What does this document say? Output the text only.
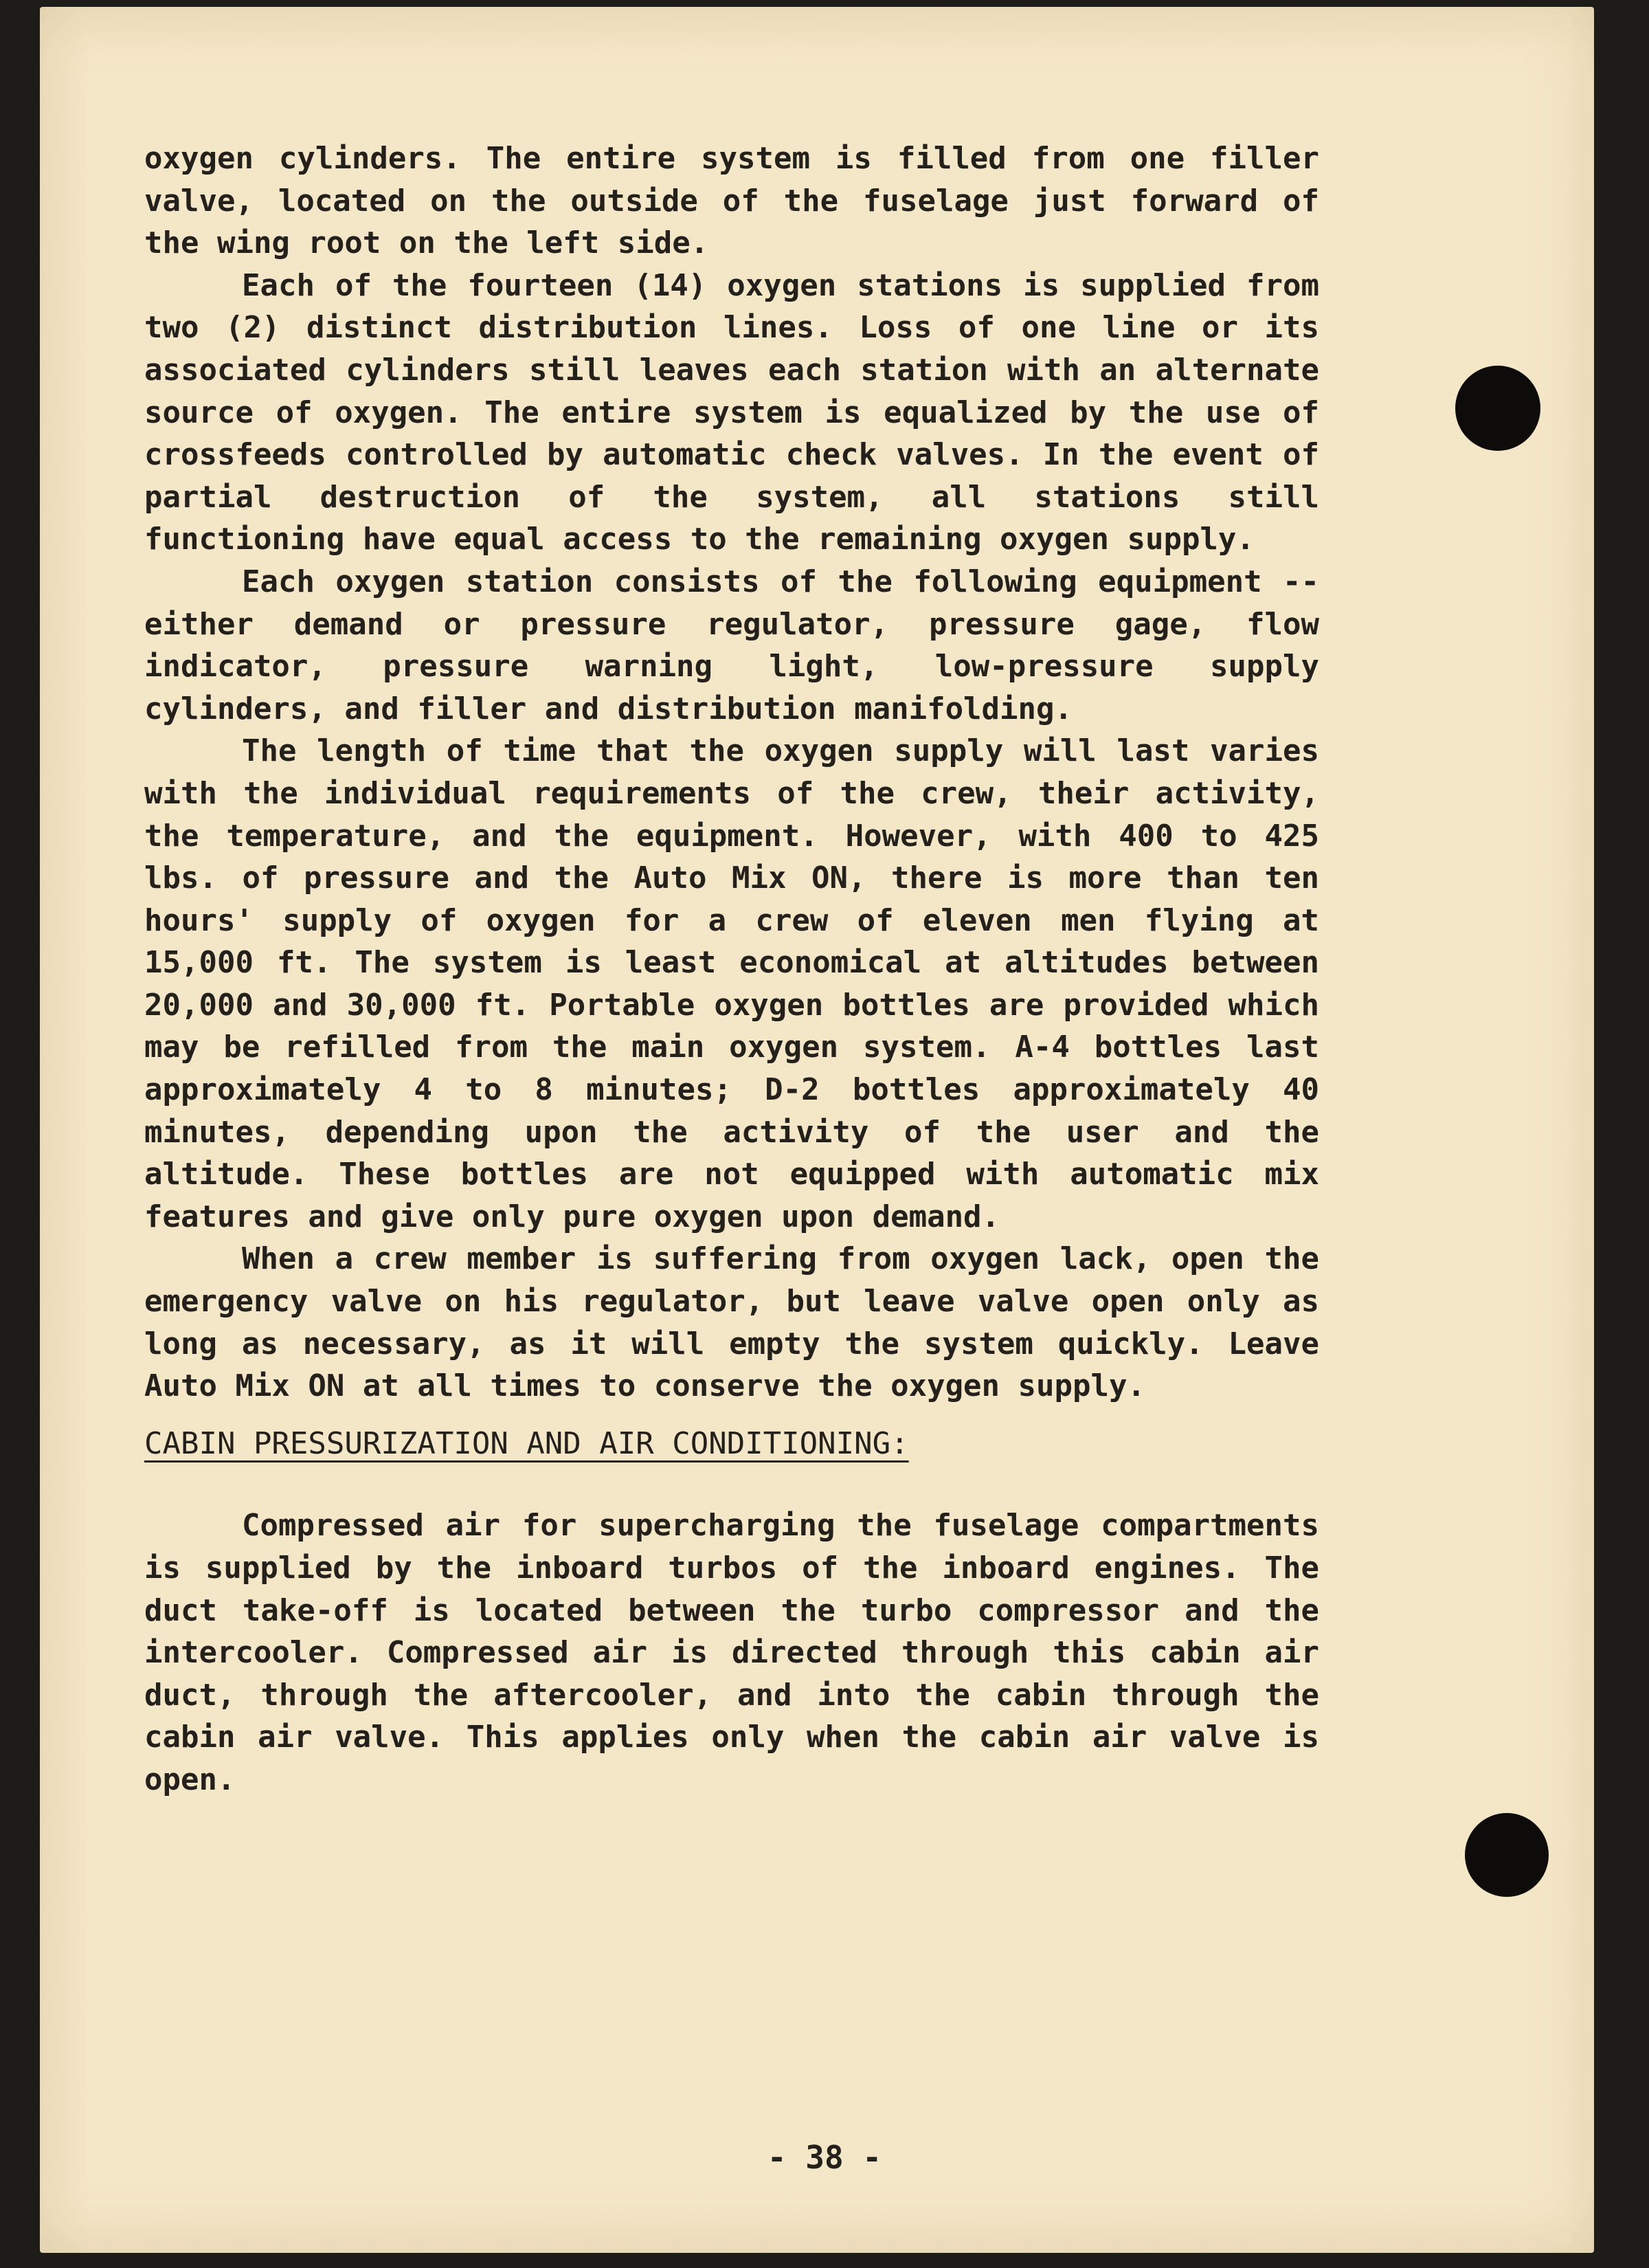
oxygen cylinders. The entire system is filled from one filler valve, located on the outside of the fuselage just forward of the wing root on the left side.

Each of the fourteen (14) oxygen stations is supplied from two (2) distinct distribution lines. Loss of one line or its associated cylinders still leaves each station with an alternate source of oxygen. The entire system is equalized by the use of crossfeeds controlled by automatic check valves. In the event of partial destruction of the system, all stations still functioning have equal access to the remaining oxygen supply.

Each oxygen station consists of the following equipment -- either demand or pressure regulator, pressure gage, flow indicator, pressure warning light, low-pressure supply cylinders, and filler and distribution manifolding.

The length of time that the oxygen supply will last varies with the individual requirements of the crew, their activity, the temperature, and the equipment. However, with 400 to 425 lbs. of pressure and the Auto Mix ON, there is more than ten hours' supply of oxygen for a crew of eleven men flying at 15,000 ft. The system is least economical at altitudes between 20,000 and 30,000 ft. Portable oxygen bottles are provided which may be refilled from the main oxygen system. A-4 bottles last approximately 4 to 8 minutes; D-2 bottles approximately 40 minutes, depending upon the activity of the user and the altitude. These bottles are not equipped with automatic mix features and give only pure oxygen upon demand.

When a crew member is suffering from oxygen lack, open the emergency valve on his regulator, but leave valve open only as long as necessary, as it will empty the system quickly. Leave Auto Mix ON at all times to conserve the oxygen supply.

CABIN PRESSURIZATION AND AIR CONDITIONING:

Compressed air for supercharging the fuselage compartments is supplied by the inboard turbos of the inboard engines. The duct take-off is located between the turbo compressor and the intercooler. Compressed air is directed through this cabin air duct, through the aftercooler, and into the cabin through the cabin air valve. This applies only when the cabin air valve is open.

- 38 -
